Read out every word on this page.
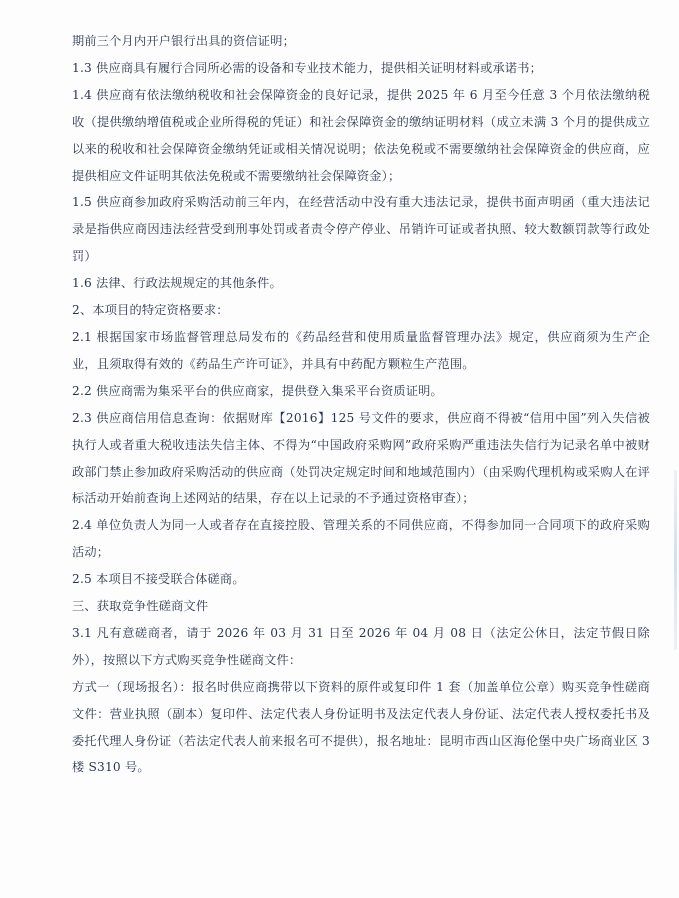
期前三个月内开户银行出具的资信证明；

1.3 供应商具有履行合同所必需的设备和专业技术能力，提供相关证明材料或承诺书；

1.4 供应商有依法缴纳税收和社会保障资金的良好记录，提供 2025 年 6 月至今任意 3 个月依法缴纳税收（提供缴纳增值税或企业所得税的凭证）和社会保障资金的缴纳证明材料（成立未满 3 个月的提供成立以来的税收和社会保障资金缴纳凭证或相关情况说明；依法免税或不需要缴纳社会保障资金的供应商，应提供相应文件证明其依法免税或不需要缴纳社会保障资金）；

1.5 供应商参加政府采购活动前三年内，在经营活动中没有重大违法记录，提供书面声明函（重大违法记录是指供应商因违法经营受到刑事处罚或者责令停产停业、吊销许可证或者执照、较大数额罚款等行政处罚）

1.6 法律、行政法规规定的其他条件。

2、本项目的特定资格要求：

2.1 根据国家市场监督管理总局发布的《药品经营和使用质量监督管理办法》规定，供应商须为生产企业，且须取得有效的《药品生产许可证》，并具有中药配方颗粒生产范围。

2.2 供应商需为集采平台的供应商家，提供登入集采平台资质证明。

2.3 供应商信用信息查询：依据财库【2016】125 号文件的要求，供应商不得被“信用中国”列入失信被执行人或者重大税收违法失信主体、不得为“中国政府采购网”政府采购严重违法失信行为记录名单中被财政部门禁止参加政府采购活动的供应商（处罚决定规定时间和地域范围内）（由采购代理机构或采购人在评标活动开始前查询上述网站的结果，存在以上记录的不予通过资格审查）；

2.4 单位负责人为同一人或者存在直接控股、管理关系的不同供应商，不得参加同一合同项下的政府采购活动；

2.5 本项目不接受联合体磋商。

三、获取竞争性磋商文件

3.1 凡有意磋商者，请于 2026 年 03 月 31 日至 2026 年 04 月 08 日（法定公休日，法定节假日除外），按照以下方式购买竞争性磋商文件：

方式一（现场报名）：报名时供应商携带以下资料的原件或复印件 1 套（加盖单位公章）购买竞争性磋商文件：营业执照（副本）复印件、法定代表人身份证明书及法定代表人身份证、法定代表人授权委托书及委托代理人身份证（若法定代表人前来报名可不提供），报名地址：昆明市西山区海伦堡中央广场商业区 3 楼 S310 号。
